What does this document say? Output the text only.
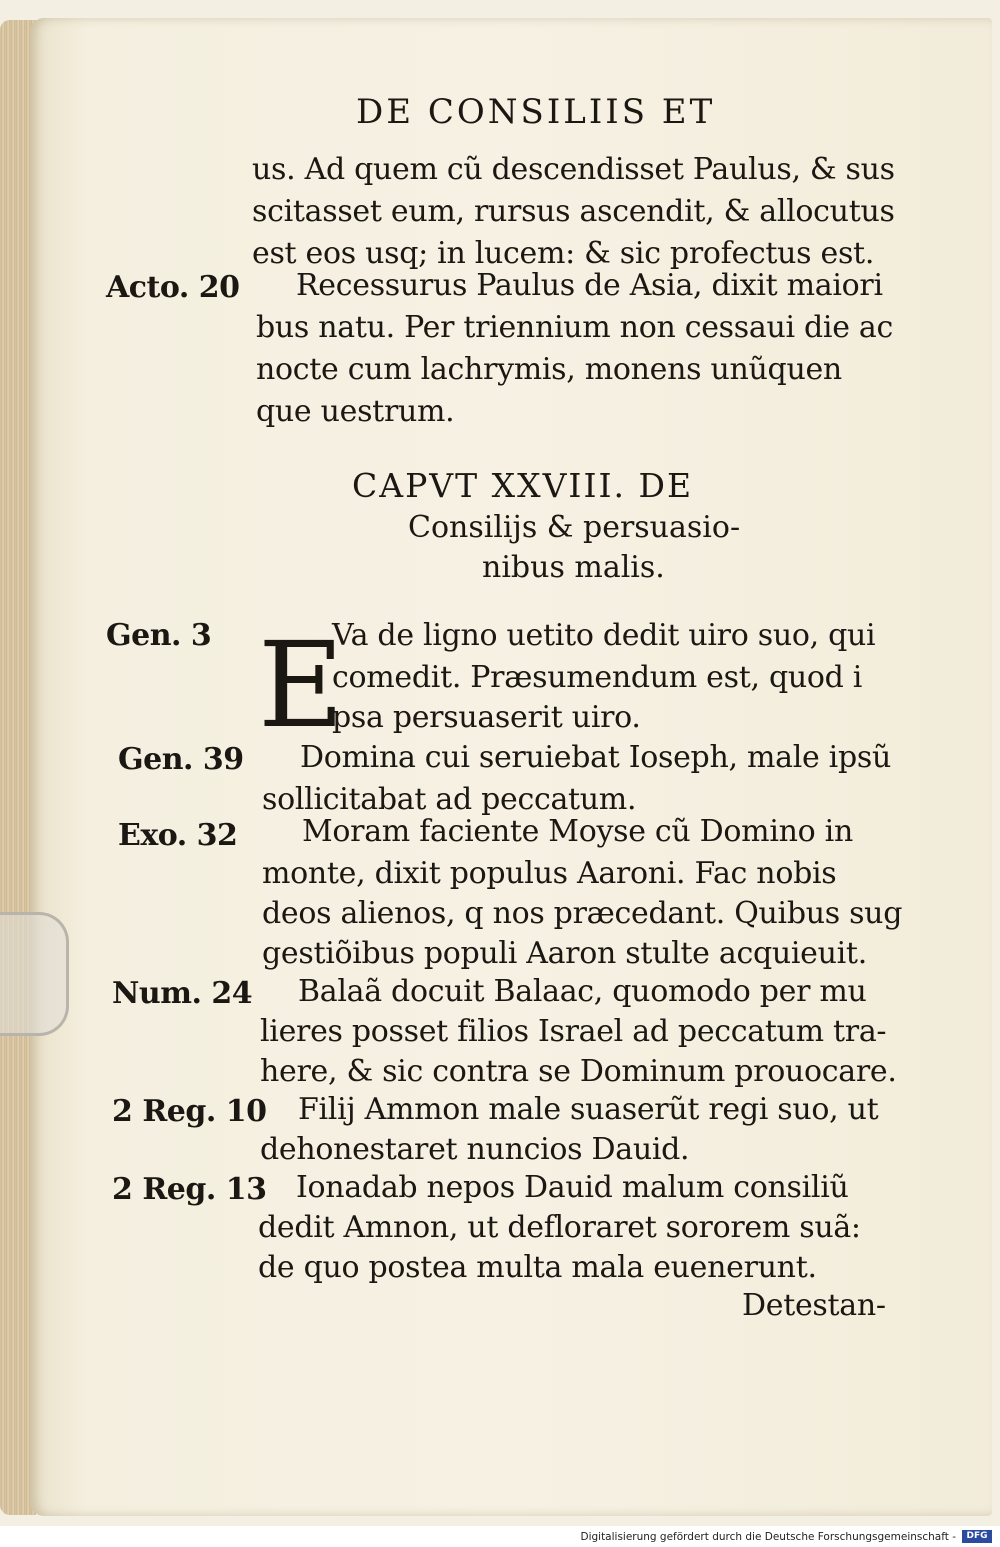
DE CONSILIIS ET
us. Ad quem cũ descendisset Paulus, & sus
scitasset eum, rursus ascendit, & allocutus
est eos usq; in lucem: & sic profectus est.
Acto. 20 Recessurus Paulus de Asia, dixit maiori
bus natu. Per triennium non cessaui die ac
nocte cum lachrymis, monens unũquen
que uestrum.
CAPVT XXVIII. DE
Consilijs & persuasio-
nibus malis.
Gen. 3 E
Va de ligno uetito dedit uiro suo, qui
comedit. Præsumendum est, quod i
psa persuaserit uiro.
Gen. 39 Domina cui seruiebat Ioseph, male ipsũ
sollicitabat ad peccatum.
Exo. 32 Moram faciente Moyse cũ Domino in
monte, dixit populus Aaroni. Fac nobis
deos alienos, q nos præcedant. Quibus sug
gestiõibus populi Aaron stulte acquieuit.
Num. 24 Balaã docuit Balaac, quomodo per mu
lieres posset filios Israel ad peccatum tra-
here, & sic contra se Dominum prouocare.
2 Reg. 10 Filij Ammon male suaserũt regi suo, ut
dehonestaret nuncios Dauid.
2 Reg. 13 Ionadab nepos Dauid malum consiliũ
dedit Amnon, ut defloraret sororem suã:
de quo postea multa mala euenerunt.
Detestan-
Digitalisierung gefördert durch die Deutsche Forschungsgemeinschaft -	DFG
